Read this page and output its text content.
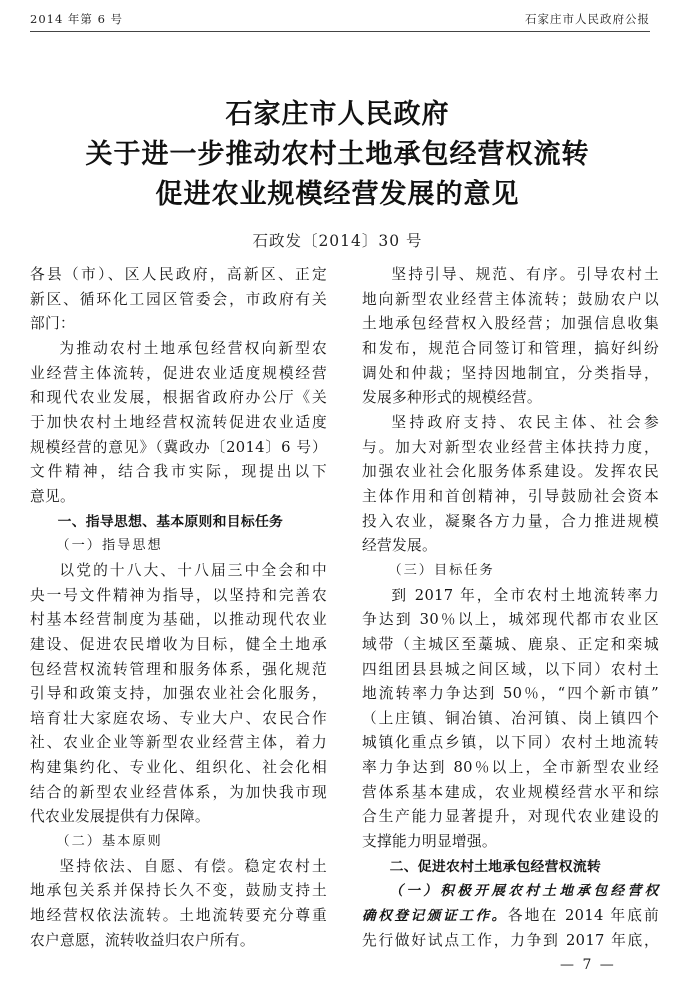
2014 年第 6 号	石家庄市人民政府公报
石家庄市人民政府
关于进一步推动农村土地承包经营权流转
促进农业规模经营发展的意见
石政发〔2014〕30 号

各县（市）、区人民政府，高新区、正定

新区、循环化工园区管委会，市政府有关

部门：

为推动农村土地承包经营权向新型农

业经营主体流转，促进农业适度规模经营

和现代农业发展，根据省政府办公厅《关

于加快农村土地经营权流转促进农业适度

规模经营的意见》（冀政办〔2014〕6 号）

文件精神，结合我市实际，现提出以下

意见。

一、指导思想、基本原则和目标任务

（一）指导思想

以党的十八大、十八届三中全会和中

央一号文件精神为指导，以坚持和完善农

村基本经营制度为基础，以推动现代农业

建设、促进农民增收为目标，健全土地承

包经营权流转管理和服务体系，强化规范

引导和政策支持，加强农业社会化服务，

培育壮大家庭农场、专业大户、农民合作

社、农业企业等新型农业经营主体，着力

构建集约化、专业化、组织化、社会化相

结合的新型农业经营体系，为加快我市现

代农业发展提供有力保障。

（二）基本原则

坚持依法、自愿、有偿。稳定农村土

地承包关系并保持长久不变，鼓励支持土

地经营权依法流转。土地流转要充分尊重

农户意愿，流转收益归农户所有。

坚持引导、规范、有序。引导农村土

地向新型农业经营主体流转；鼓励农户以

土地承包经营权入股经营；加强信息收集

和发布，规范合同签订和管理，搞好纠纷

调处和仲裁；坚持因地制宜，分类指导，

发展多种形式的规模经营。

坚持政府支持、农民主体、社会参

与。加大对新型农业经营主体扶持力度，

加强农业社会化服务体系建设。发挥农民

主体作用和首创精神，引导鼓励社会资本

投入农业，凝聚各方力量，合力推进规模

经营发展。

（三）目标任务

到 2017 年，全市农村土地流转率力

争达到 30％以上，城郊现代都市农业区

域带（主城区至藁城、鹿泉、正定和栾城

四组团县县城之间区域，以下同）农村土

地流转率力争达到 50％，“四个新市镇”

（上庄镇、铜冶镇、冶河镇、岗上镇四个

城镇化重点乡镇，以下同）农村土地流转

率力争达到 80％以上，全市新型农业经

营体系基本建成，农业规模经营水平和综

合生产能力显著提升，对现代农业建设的

支撑能力明显增强。

二、促进农村土地承包经营权流转

（一）积极开展农村土地承包经营权

确权登记颁证工作。各地在 2014 年底前

先行做好试点工作，力争到 2017 年底，

— 7 —
